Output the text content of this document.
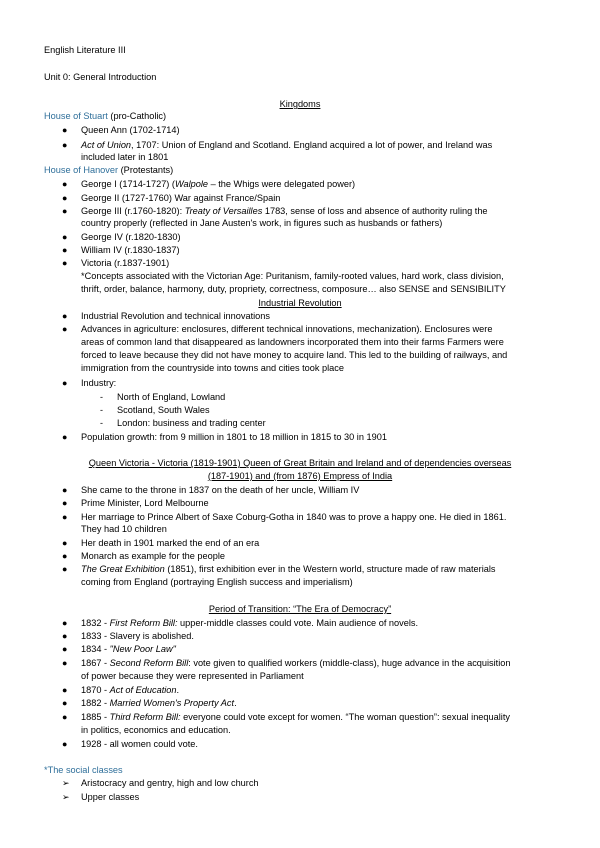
English Literature III
Unit 0: General Introduction
Kingdoms
House of Stuart (pro-Catholic)
● Queen Ann (1702-1714)
● Act of Union, 1707: Union of England and Scotland. England acquired a lot of power, and Ireland was
included later in 1801
House of Hanover (Protestants)
● George I (1714-1727) (Walpole – the Whigs were delegated power)
● George II (1727-1760) War against France/Spain
● George III (r.1760-1820): Treaty of Versailles 1783, sense of loss and absence of authority ruling the
country properly (reflected in Jane Austen's work, in figures such as husbands or fathers)
● George IV (r.1820-1830)
● William IV (r.1830-1837)
● Victoria (r.1837-1901)
*Concepts associated with the Victorian Age: Puritanism, family-rooted values, hard work, class division,
thrift, order, balance, harmony, duty, propriety, correctness, composure… also SENSE and SENSIBILITY
Industrial Revolution
● Industrial Revolution and technical innovations
● Advances in agriculture: enclosures, different technical innovations, mechanization). Enclosures were
areas of common land that disappeared as landowners incorporated them into their farms Farmers were
forced to leave because they did not have money to acquire land. This led to the building of railways, and
immigration from the countryside into towns and cities took place
● Industry:
- North of England, Lowland
- Scotland, South Wales
- London: business and trading center
● Population growth: from 9 million in 1801 to 18 million in 1815 to 30 in 1901
Queen Victoria - Victoria (1819-1901) Queen of Great Britain and Ireland and of dependencies overseas
(187-1901) and (from 1876) Empress of India
● She came to the throne in 1837 on the death of her uncle, William IV
● Prime Minister, Lord Melbourne
● Her marriage to Prince Albert of Saxe Coburg-Gotha in 1840 was to prove a happy one. He died in 1861.
They had 10 children
● Her death in 1901 marked the end of an era
● Monarch as example for the people
● The Great Exhibition (1851), first exhibition ever in the Western world, structure made of raw materials
coming from England (portraying English success and imperialism)
Period of Transition: “The Era of Democracy”
● 1832 - First Reform Bill: upper-middle classes could vote. Main audience of novels.
● 1833 - Slavery is abolished.
● 1834 - "New Poor Law"
● 1867 - Second Reform Bill: vote given to qualified workers (middle-class), huge advance in the acquisition
of power because they were represented in Parliament
● 1870 - Act of Education.
● 1882 - Married Women's Property Act.
● 1885 - Third Reform Bill: everyone could vote except for women. “The woman question”: sexual inequality
in politics, economics and education.
● 1928 - all women could vote.
*The social classes
➢ Aristocracy and gentry, high and low church
➢ Upper classes
